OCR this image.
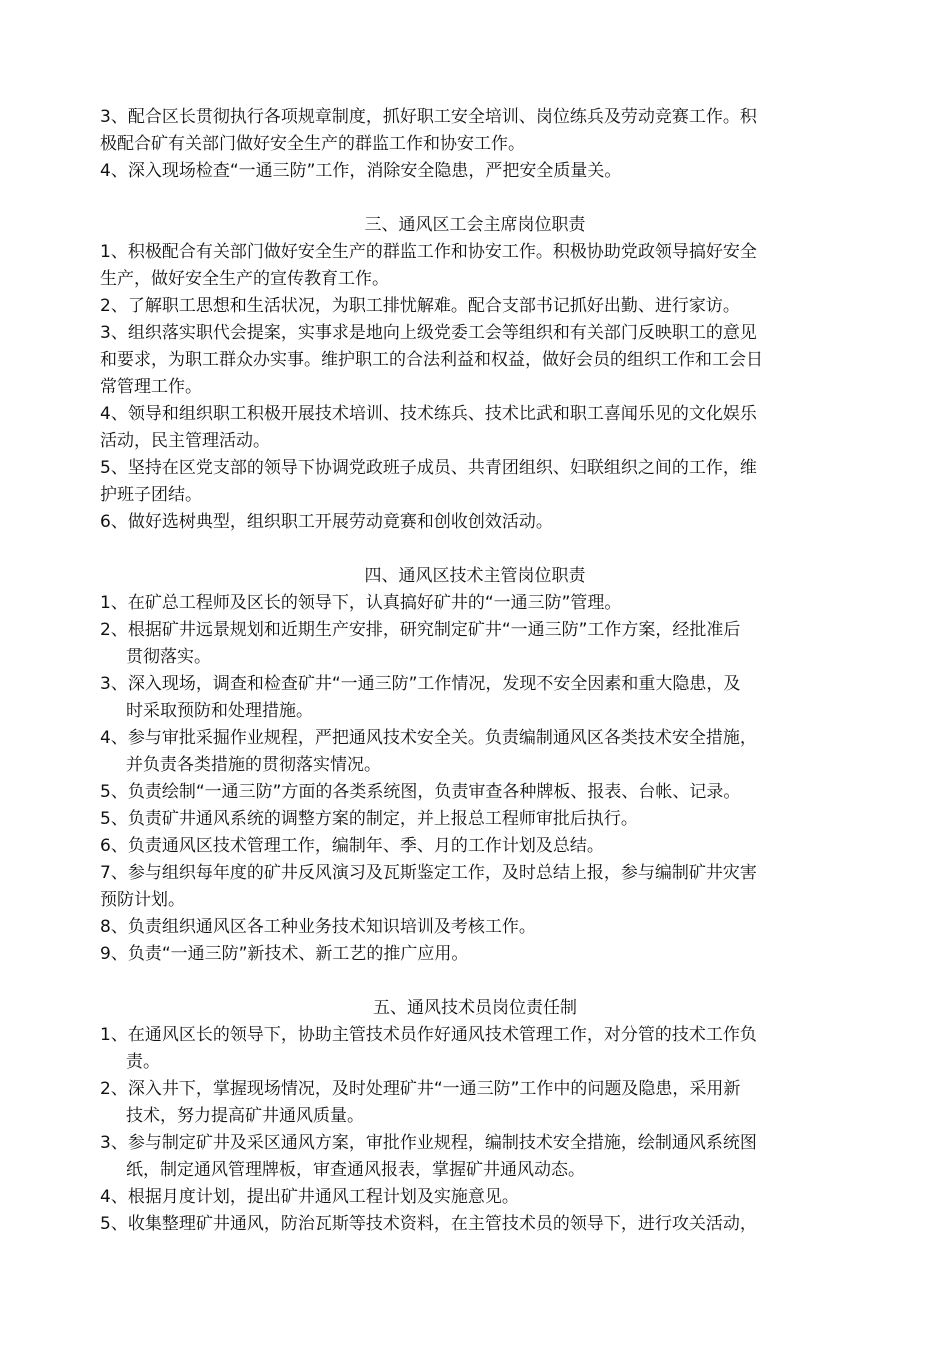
3、配合区长贯彻执行各项规章制度，抓好职工安全培训、岗位练兵及劳动竞赛工作。积
极配合矿有关部门做好安全生产的群监工作和协安工作。
4、深入现场检查“一通三防”工作，消除安全隐患，严把安全质量关。
三、通风区工会主席岗位职责
1、积极配合有关部门做好安全生产的群监工作和协安工作。积极协助党政领导搞好安全
生产，做好安全生产的宣传教育工作。
2、了解职工思想和生活状况，为职工排忧解难。配合支部书记抓好出勤、进行家访。
3、组织落实职代会提案，实事求是地向上级党委工会等组织和有关部门反映职工的意见
和要求，为职工群众办实事。维护职工的合法利益和权益，做好会员的组织工作和工会日
常管理工作。
4、领导和组织职工积极开展技术培训、技术练兵、技术比武和职工喜闻乐见的文化娱乐
活动，民主管理活动。
5、坚持在区党支部的领导下协调党政班子成员、共青团组织、妇联组织之间的工作，维
护班子团结。
6、做好选树典型，组织职工开展劳动竟赛和创收创效活动。
四、通风区技术主管岗位职责
1、在矿总工程师及区长的领导下，认真搞好矿井的“一通三防”管理。
2、根据矿井远景规划和近期生产安排，研究制定矿井“一通三防”工作方案，经批准后
贯彻落实。
3、深入现场，调查和检查矿井“一通三防”工作情况，发现不安全因素和重大隐患，及
时采取预防和处理措施。
4、参与审批采掘作业规程，严把通风技术安全关。负责编制通风区各类技术安全措施，
并负责各类措施的贯彻落实情况。
5、负责绘制“一通三防”方面的各类系统图，负责审查各种牌板、报表、台帐、记录。
5、负责矿井通风系统的调整方案的制定，并上报总工程师审批后执行。
6、负责通风区技术管理工作，编制年、季、月的工作计划及总结。
7、参与组织每年度的矿井反风演习及瓦斯鉴定工作，及时总结上报，参与编制矿井灾害
预防计划。
8、负责组织通风区各工种业务技术知识培训及考核工作。
9、负责“一通三防”新技术、新工艺的推广应用。
五、通风技术员岗位责任制
1、在通风区长的领导下，协助主管技术员作好通风技术管理工作，对分管的技术工作负
责。
2、深入井下，掌握现场情况，及时处理矿井“一通三防”工作中的问题及隐患，采用新
技术，努力提高矿井通风质量。
3、参与制定矿井及采区通风方案，审批作业规程，编制技术安全措施，绘制通风系统图
纸，制定通风管理牌板，审查通风报表，掌握矿井通风动态。
4、根据月度计划，提出矿井通风工程计划及实施意见。
5、收集整理矿井通风，防治瓦斯等技术资料，在主管技术员的领导下，进行攻关活动，
